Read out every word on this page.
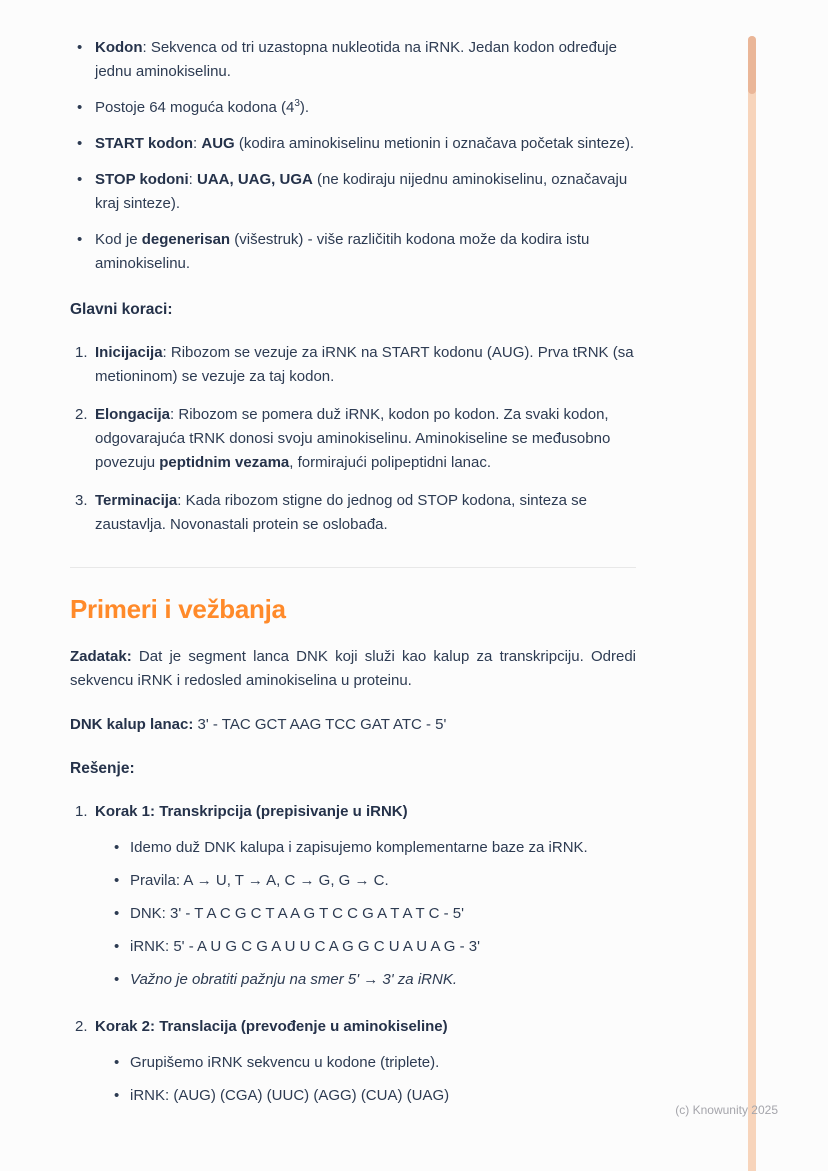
•
Kodon: Sekvenca od tri uzastopna nukleotida na iRNK. Jedan kodon određuje jednu aminokiselinu.
•
Postoje 64 moguća kodona $(4^3)$.
•
START kodon: AUG (kodira aminokiselinu metionin i označava početak sinteze).
•
STOP kodoni: UAA, UAG, UGA (ne kodiraju nijednu aminokiselinu, označavaju kraj sinteze).
•
Kod je degenerisan (višestruk) - više različitih kodona može da kodira istu aminokiselinu.
Glavni koraci:
1. Inicijacija: Ribozom se vezuje za iRNK na START kodonu (AUG). Prva tRNK (sa metioninom) se vezuje za taj kodon.
2. Elongacija: Ribozom se pomera duž iRNK, kodon po kodon. Za svaki kodon, odgovarajuća tRNK donosi svoju aminokiselinu. Aminokiseline se međusobno povezuju peptidnim vezama, formirajući polipeptidni lanac.
3. Terminacija: Kada ribozom stigne do jednog od STOP kodona, sinteza se zaustavlja. Novonastali protein se oslobađa.
Primeri i vežbanja

Zadatak: Dat je segment lanca DNK koji služi kao kalup za transkripciju. Odredi sekvencu iRNK i redosled aminokiselina u proteinu.

DNK kalup lanac: 3' - TAC GCT AAG TCC GAT ATC - 5'

Rešenje:
1. Korak 1: Transkripcija (prepisivanje u iRNK)
•
Idemo duž DNK kalupa i zapisujemo komplementarne baze za iRNK.
•
Pravila: A → U, T → A, C → G, G → C.
•
DNK: 3' - T A C G C T A A G T C C G A T A T C - 5'
•
iRNK: 5' - A U G C G A U U C A G G C U A U A G - 3'
•
Važno je obratiti pažnju na smer 5' → 3' za iRNK.
2. Korak 2: Translacija (prevođenje u aminokiseline)
•
Grupišemo iRNK sekvencu u kodone (triplete).
•
iRNK: (AUG) (CGA) (UUC) (AGG) (CUA) (UAG)
(c) Knowunity 2025
